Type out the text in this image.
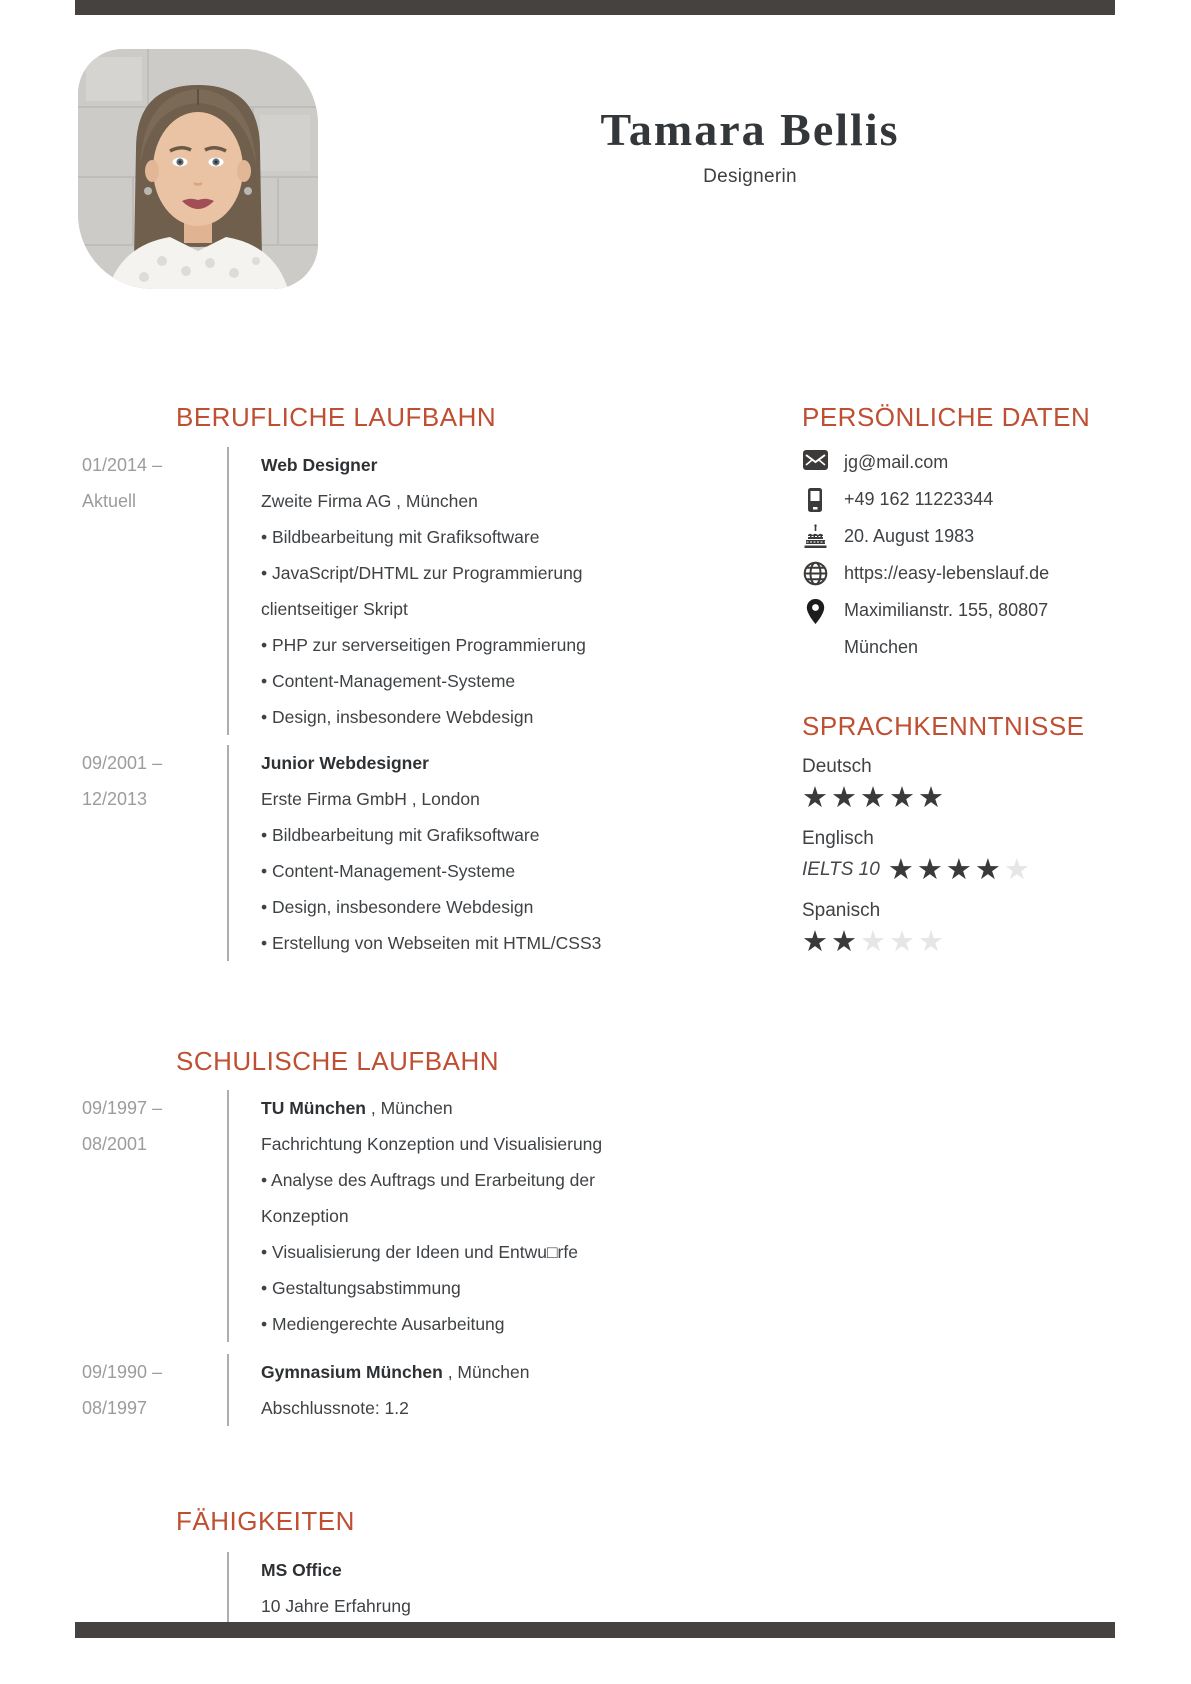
Tamara Bellis
Designerin
BERUFLICHE LAUFBAHN	PERSÖNLICHE DATEN
SPRACHKENNTNISSE
SCHULISCHE LAUFBAHN
FÄHIGKEITEN
01/2014 –
Aktuell
Web Designer
Zweite Firma AG , München
• Bildbearbeitung mit Grafiksoftware
• JavaScript/DHTML zur Programmierung
clientseitiger Skript
• PHP zur serverseitigen Programmierung
• Content-Management-Systeme
• Design, insbesondere Webdesign
09/2001 –
12/2013
Junior Webdesigner
Erste Firma GmbH , London
• Bildbearbeitung mit Grafiksoftware
• Content-Management-Systeme
• Design, insbesondere Webdesign
• Erstellung von Webseiten mit HTML/CSS3
09/1997 –
08/2001
TU München , München
Fachrichtung Konzeption und Visualisierung
• Analyse des Auftrags und Erarbeitung der
Konzeption
• Visualisierung der Ideen und Entwu□rfe
• Gestaltungsabstimmung
• Mediengerechte Ausarbeitung
09/1990 –
08/1997
Gymnasium München , München
Abschlussnote: 1.2
MS Office
10 Jahre Erfahrung
jg@mail.com
+49 162 11223344
20. August 1983
https://easy-lebenslauf.de
Maximilianstr. 155, 80807
München
Deutsch
★ ★ ★ ★ ★
Englisch
IELTS 10 ★ ★ ★ ★ ★
Spanisch
★ ★ ★ ★ ★
